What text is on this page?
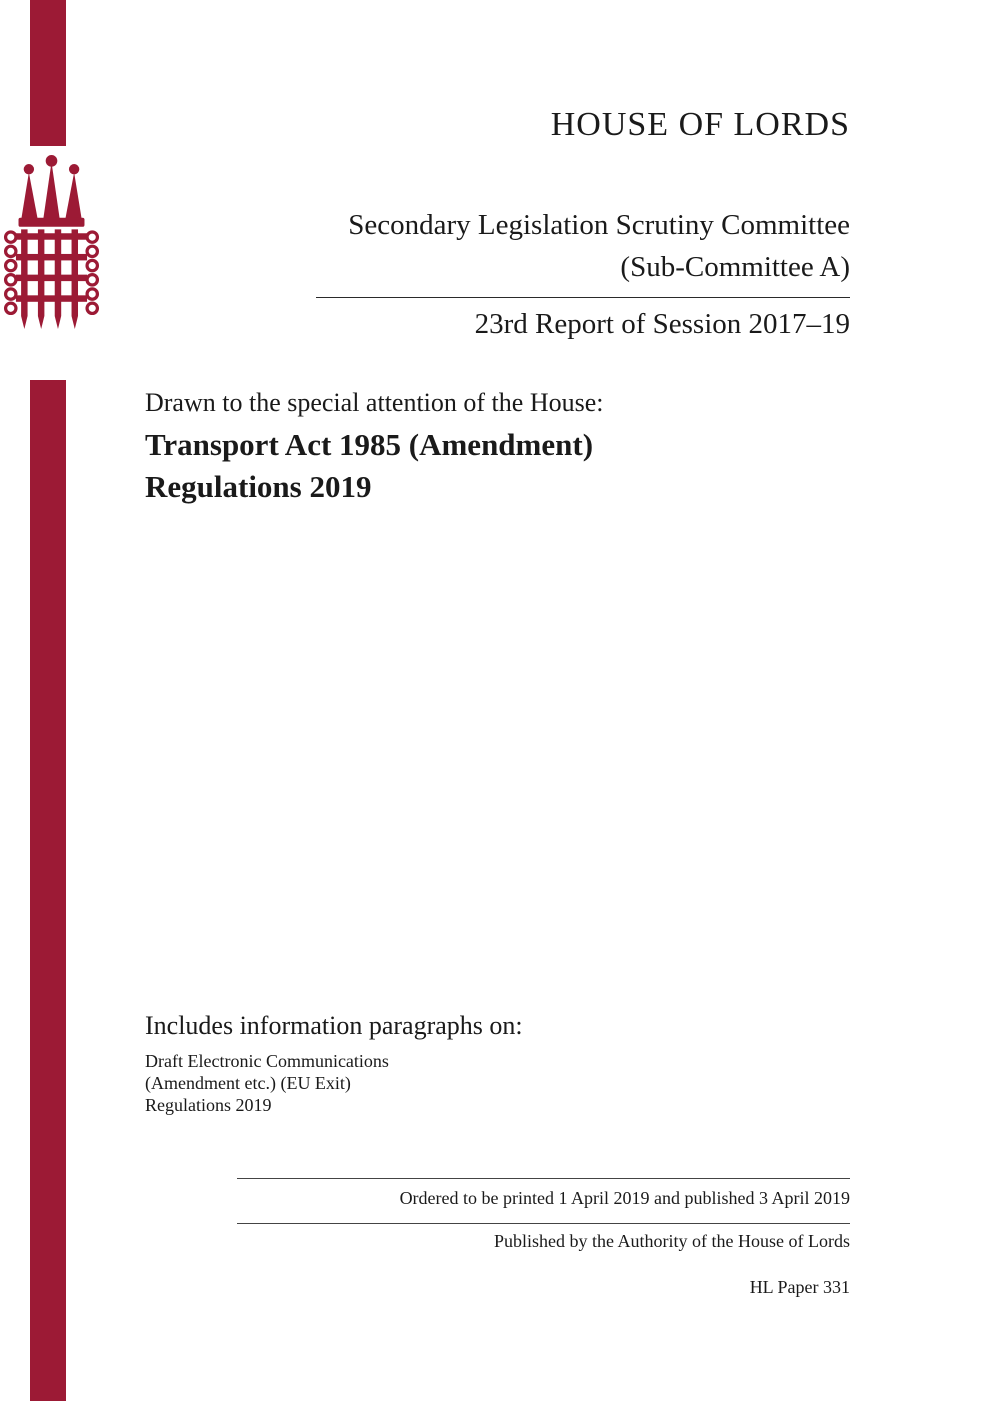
HOUSE OF LORDS
Secondary Legislation Scrutiny Committee
(Sub-Committee A)
23rd Report of Session 2017–19
Drawn to the special attention of the House:
Transport Act 1985 (Amendment)
Regulations 2019
Includes information paragraphs on:
Draft Electronic Communications
(Amendment etc.) (EU Exit)
Regulations 2019
Ordered to be printed 1 April 2019 and published 3 April 2019
Published by the Authority of the House of Lords
HL Paper 331
